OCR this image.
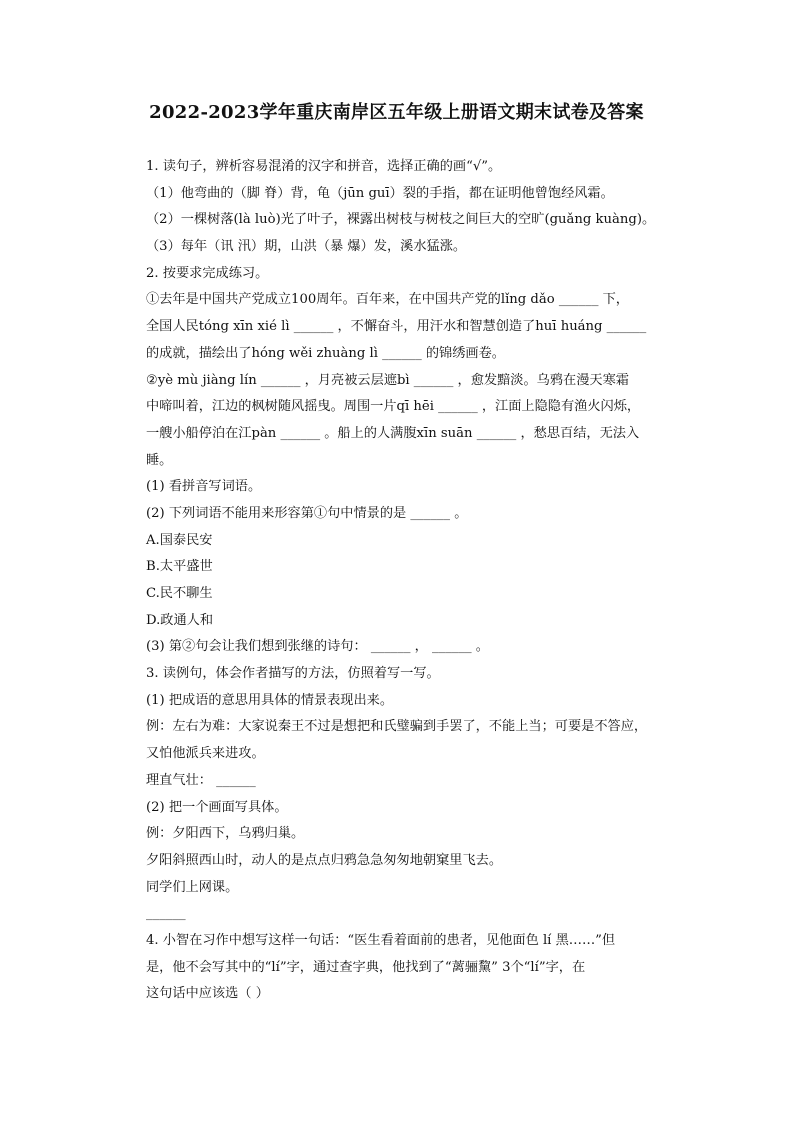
2022-2023学年重庆南岸区五年级上册语文期末试卷及答案
1. 读句子，辨析容易混淆的汉字和拼音，选择正确的画“√”。
（1）他弯曲的（脚 脊）背，龟（jūn guī）裂的手指，都在证明他曾饱经风霜。
（2）一棵树落(là luò)光了叶子，裸露出树枝与树枝之间巨大的空旷(guǎng kuàng)。
（3）每年（讯 汛）期，山洪（暴 爆）发，溪水猛涨。
2. 按要求完成练习。
①去年是中国共产党成立100周年。百年来，在中国共产党的lǐng dǎo ______ 下，
全国人民tóng xīn xié lì ______ ，不懈奋斗，用汗水和智慧创造了huī huáng ______
的成就，描绘出了hóng wěi zhuàng lì ______ 的锦绣画卷。
②yè mù jiàng lín ______ ，月亮被云层遮bì ______ ，愈发黯淡。乌鸦在漫天寒霜
中啼叫着，江边的枫树随风摇曳。周围一片qī hēi ______ ，江面上隐隐有渔火闪烁，
一艘小船停泊在江pàn ______ 。船上的人满腹xīn suān ______ ，愁思百结，无法入
睡。
(1) 看拼音写词语。
(2) 下列词语不能用来形容第①句中情景的是 ______ 。
A.国泰民安
B.太平盛世
C.民不聊生
D.政通人和
(3) 第②句会让我们想到张继的诗句： ______ ， ______ 。
3. 读例句，体会作者描写的方法，仿照着写一写。
(1) 把成语的意思用具体的情景表现出来。
例：左右为难：大家说秦王不过是想把和氏璧骗到手罢了，不能上当；可要是不答应，
又怕他派兵来进攻。
理直气壮： ______
(2) 把一个画面写具体。
例：夕阳西下，乌鸦归巢。
夕阳斜照西山时，动人的是点点归鸦急急匆匆地朝窠里飞去。
同学们上网课。
______
4. 小智在习作中想写这样一句话：“医生看着面前的患者，见他面色 lí 黑……”但
是，他不会写其中的“lí”字，通过查字典，他找到了“蓠骊黧” 3个“lí”字，在
这句话中应该选（ ）
